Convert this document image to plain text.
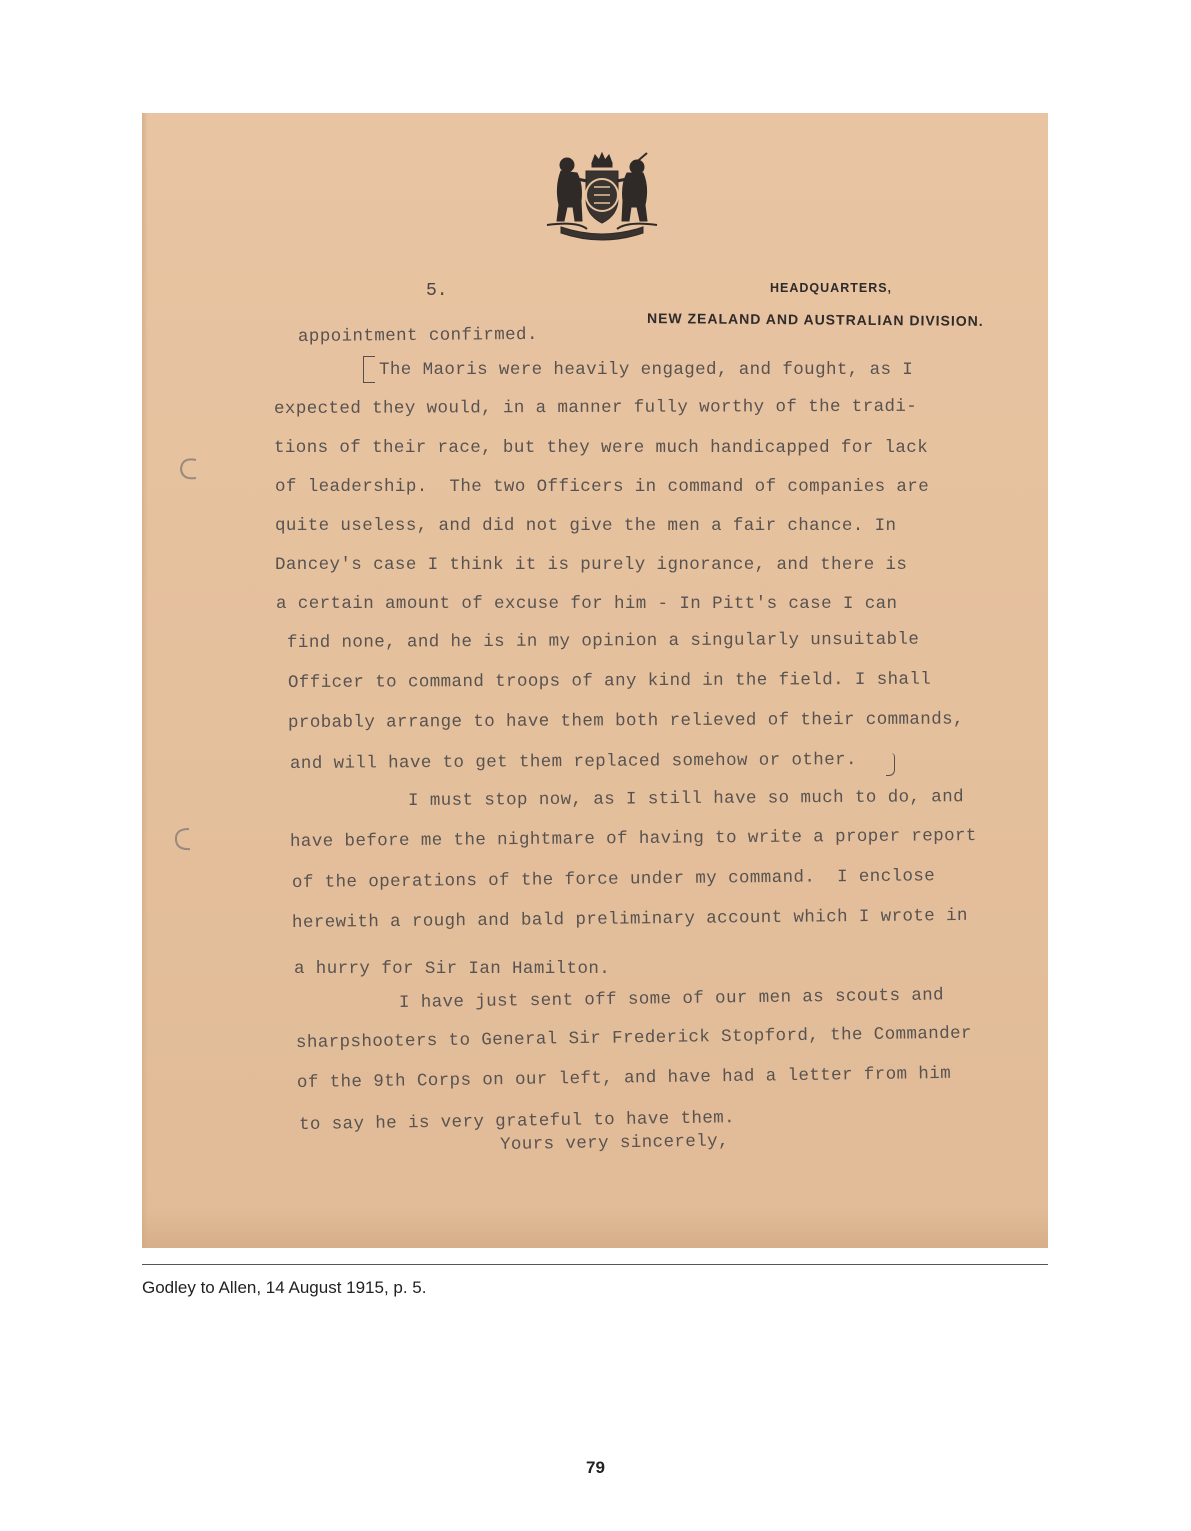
5.	HEADQUARTERS,
NEW ZEALAND AND AUSTRALIAN DIVISION.

appointment confirmed.

The Maoris were heavily engaged, and fought, as I

expected they would, in a manner fully worthy of the tradi-

tions of their race, but they were much handicapped for lack

of leadership.  The two Officers in command of companies are

quite useless, and did not give the men a fair chance. In

Dancey's case I think it is purely ignorance, and there is

a certain amount of excuse for him - In Pitt's case I can

find none, and he is in my opinion a singularly unsuitable

Officer to command troops of any kind in the field. I shall

probably arrange to have them both relieved of their commands,

and will have to get them replaced somehow or other.

I must stop now, as I still have so much to do, and

have before me the nightmare of having to write a proper report

of the operations of the force under my command.  I enclose

herewith a rough and bald preliminary account which I wrote in

a hurry for Sir Ian Hamilton.

I have just sent off some of our men as scouts and

sharpshooters to General Sir Frederick Stopford, the Commander

of the 9th Corps on our left, and have had a letter from him

to say he is very grateful to have them.

Yours very sincerely,

Godley to Allen, 14 August 1915, p. 5.
79
